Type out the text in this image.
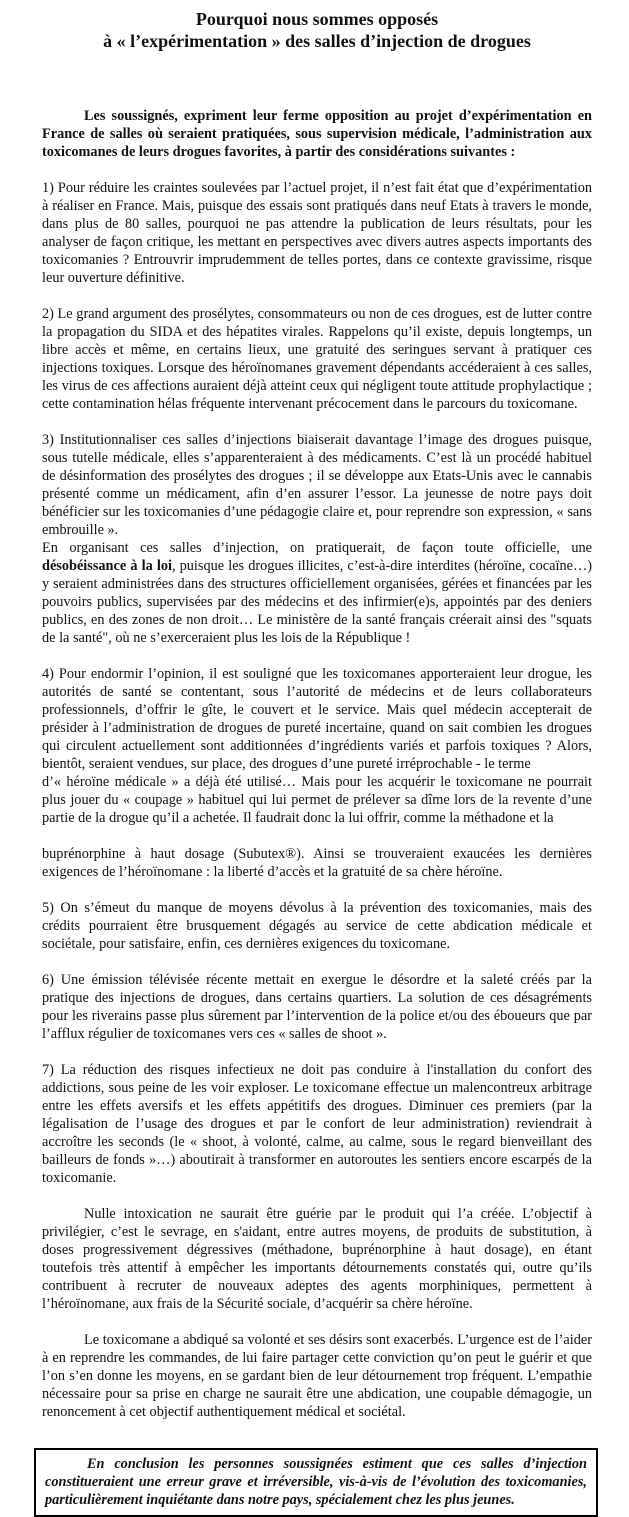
Pourquoi nous sommes opposés
à « l’expérimentation » des salles d’injection de drogues

Les soussignés, expriment leur ferme opposition au projet d’expérimentation en France de salles où seraient pratiquées, sous supervision médicale, l’administration aux toxicomanes de leurs drogues favorites, à partir des considérations suivantes :

1) Pour réduire les craintes soulevées par l’actuel projet, il n’est fait état que d’expérimentation à réaliser en France. Mais, puisque des essais sont pratiqués dans neuf Etats à travers le monde, dans plus de 80 salles, pourquoi ne pas attendre la publication de leurs résultats, pour les analyser de façon critique, les mettant en perspectives avec divers autres aspects importants des toxicomanies ? Entrouvrir imprudemment de telles portes, dans ce contexte gravissime, risque leur ouverture définitive.

2) Le grand argument des prosélytes, consommateurs ou non de ces drogues, est de lutter contre la propagation du SIDA et des hépatites virales. Rappelons qu’il existe, depuis longtemps, un libre accès et même, en certains lieux, une gratuité des seringues servant à pratiquer ces injections toxiques. Lorsque des héroïnomanes gravement dépendants accéderaient à ces salles, les virus de ces affections auraient déjà atteint ceux qui négligent toute attitude prophylactique ; cette contamination hélas fréquente intervenant précocement dans le parcours du toxicomane.

3) Institutionnaliser ces salles d’injections biaiserait davantage l’image des drogues puisque, sous tutelle médicale, elles s’apparenteraient à des médicaments. C’est là un procédé habituel de désinformation des prosélytes des drogues ; il se développe aux Etats-Unis avec le cannabis présenté comme un médicament, afin d’en assurer l’essor. La jeunesse de notre pays doit bénéficier sur les toxicomanies d’une pédagogie claire et, pour reprendre son expression, « sans embrouille ».

En organisant ces salles d’injection, on pratiquerait, de façon toute officielle, une désobéissance à la loi, puisque les drogues illicites, c’est-à-dire interdites (héroïne, cocaïne…) y seraient administrées dans des structures officiellement organisées, gérées et financées par les pouvoirs publics, supervisées par des médecins et des infirmier(e)s, appointés par des deniers publics, en des zones de non droit… Le ministère de la santé français créerait ainsi des "squats de la santé", où ne s’exerceraient plus les lois de la République !

4) Pour endormir l’opinion, il est souligné que les toxicomanes apporteraient leur drogue, les autorités de santé se contentant, sous l’autorité de médecins et de leurs collaborateurs professionnels, d’offrir le gîte, le couvert et le service. Mais quel médecin accepterait de présider à l’administration de drogues de pureté incertaine, quand on sait combien les drogues qui circulent actuellement sont additionnées d’ingrédients variés et parfois toxiques ? Alors, bientôt, seraient vendues, sur place, des drogues d’une pureté irréprochable - le terme

d’« héroïne médicale » a déjà été utilisé… Mais pour les acquérir le toxicomane ne pourrait plus jouer du « coupage » habituel qui lui permet de prélever sa dîme lors de la revente d’une partie de la drogue qu’il a achetée. Il faudrait donc la lui offrir, comme la méthadone et la

buprénorphine à haut dosage (Subutex®). Ainsi se trouveraient exaucées les dernières exigences de l’héroïnomane : la liberté d’accès et la gratuité de sa chère héroïne.

5) On s’émeut du manque de moyens dévolus à la prévention des toxicomanies, mais des crédits pourraient être brusquement dégagés au service de cette abdication médicale et sociétale, pour satisfaire, enfin, ces dernières exigences du toxicomane.

6) Une émission télévisée récente mettait en exergue le désordre et la saleté créés par la pratique des injections de drogues, dans certains quartiers. La solution de ces désagréments pour les riverains passe plus sûrement par l’intervention de la police et/ou des éboueurs que par l’afflux régulier de toxicomanes vers ces « salles de shoot ».

7) La réduction des risques infectieux ne doit pas conduire à l'installation du confort des addictions, sous peine de les voir exploser. Le toxicomane effectue un malencontreux arbitrage entre les effets aversifs et les effets appétitifs des drogues. Diminuer ces premiers (par la légalisation de l’usage des drogues et par le confort de leur administration) reviendrait à accroître les seconds (le « shoot, à volonté, calme, au calme, sous le regard bienveillant des bailleurs de fonds »…) aboutirait à transformer en autoroutes les sentiers encore escarpés de la toxicomanie.

Nulle intoxication ne saurait être guérie par le produit qui l’a créée. L’objectif à privilégier, c’est le sevrage, en s'aidant, entre autres moyens, de produits de substitution, à doses progressivement dégressives (méthadone, buprénorphine à haut dosage), en étant toutefois très attentif à empêcher les importants détournements constatés qui, outre qu’ils contribuent à recruter de nouveaux adeptes des agents morphiniques, permettent à l’héroïnomane, aux frais de la Sécurité sociale, d’acquérir sa chère héroïne.

Le toxicomane a abdiqué sa volonté et ses désirs sont exacerbés. L’urgence est de l’aider à en reprendre les commandes, de lui faire partager cette conviction qu’on peut le guérir et que l’on s’en donne les moyens, en se gardant bien de leur détournement trop fréquent. L’empathie nécessaire pour sa prise en charge ne saurait être une abdication, une coupable démagogie, un renoncement à cet objectif authentiquement médical et sociétal.

En conclusion les personnes soussignées estiment que ces salles d’injection constitueraient une erreur grave et irréversible, vis-à-vis de l’évolution des toxicomanies, particulièrement inquiétante dans notre pays, spécialement chez les plus jeunes.
